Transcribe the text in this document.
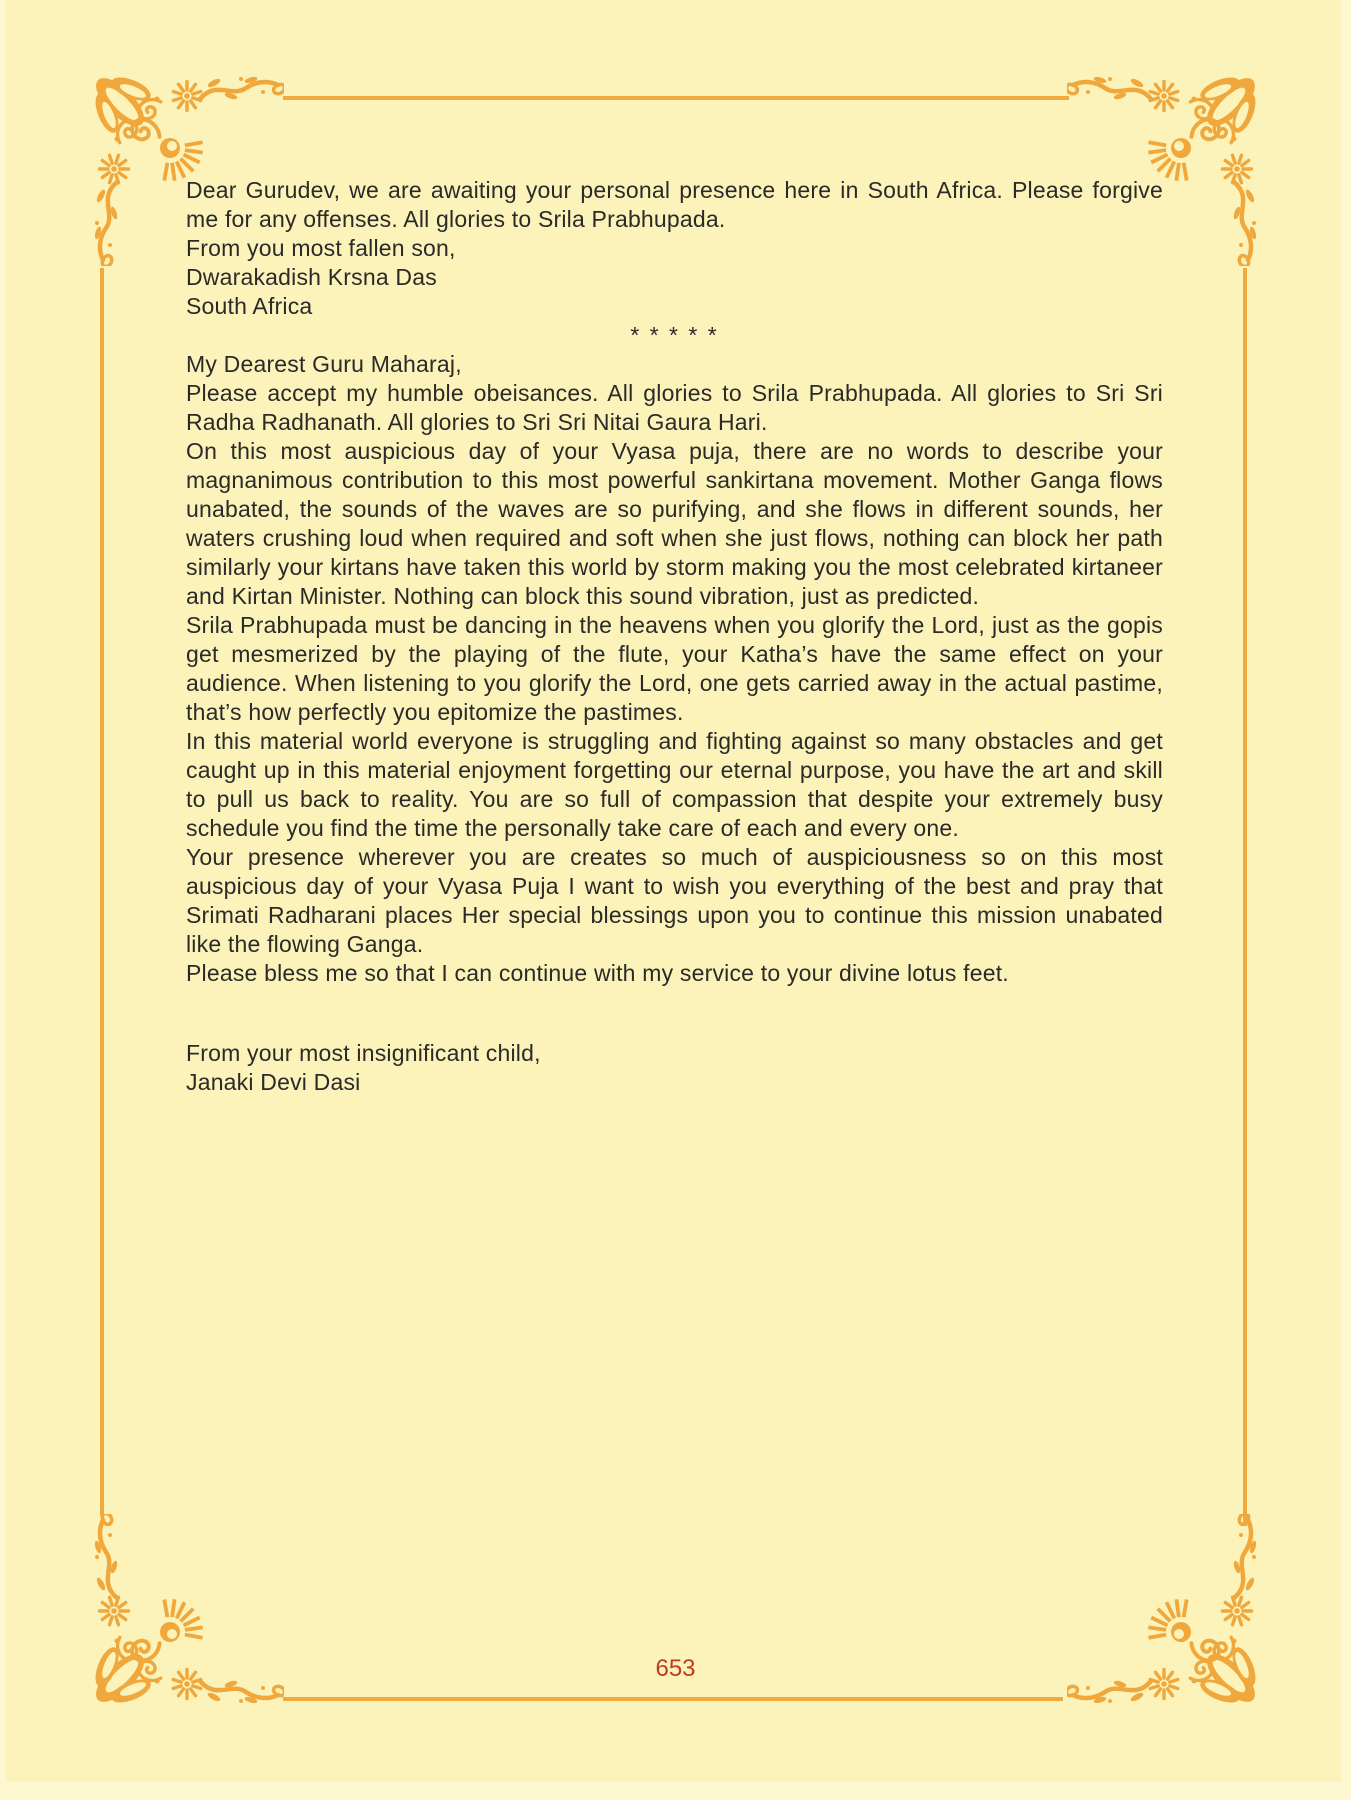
Dear Gurudev, we are awaiting your personal presence here in South Africa. Please forgive me for any offenses. All glories to Srila Prabhupada.

From you most fallen son,

Dwarakadish Krsna Das

South Africa

* * * * *

My Dearest Guru Maharaj,

Please accept my humble obeisances. All glories to Srila Prabhupada. All glories to Sri Sri Radha Radhanath. All glories to Sri Sri Nitai Gaura Hari.

On this most auspicious day of your Vyasa puja, there are no words to describe your magnanimous contribution to this most powerful sankirtana movement. Mother Ganga flows unabated, the sounds of the waves are so purifying, and she flows in different sounds, her waters crushing loud when required and soft when she just flows, nothing can block her path similarly your kirtans have taken this world by storm making you the most celebrated kirtaneer and Kirtan Minister. Nothing can block this sound vibration, just as predicted.

Srila Prabhupada must be dancing in the heavens when you glorify the Lord, just as the gopis get mesmerized by the playing of the flute, your Katha’s have the same effect on your audience. When listening to you glorify the Lord, one gets carried away in the actual pastime, that’s how perfectly you epitomize the pastimes.

In this material world everyone is struggling and fighting against so many obstacles and get caught up in this material enjoyment forgetting our eternal purpose, you have the art and skill to pull us back to reality. You are so full of compassion that despite your extremely busy schedule you find the time the personally take care of each and every one.

Your presence wherever you are creates so much of auspiciousness so on this most auspicious day of your Vyasa Puja I want to wish you everything of the best and pray that Srimati Radharani places Her special blessings upon you to continue this mission unabated like the flowing Ganga.

Please bless me so that I can continue with my service to your divine lotus feet.

From your most insignificant child,

Janaki Devi Dasi

653
